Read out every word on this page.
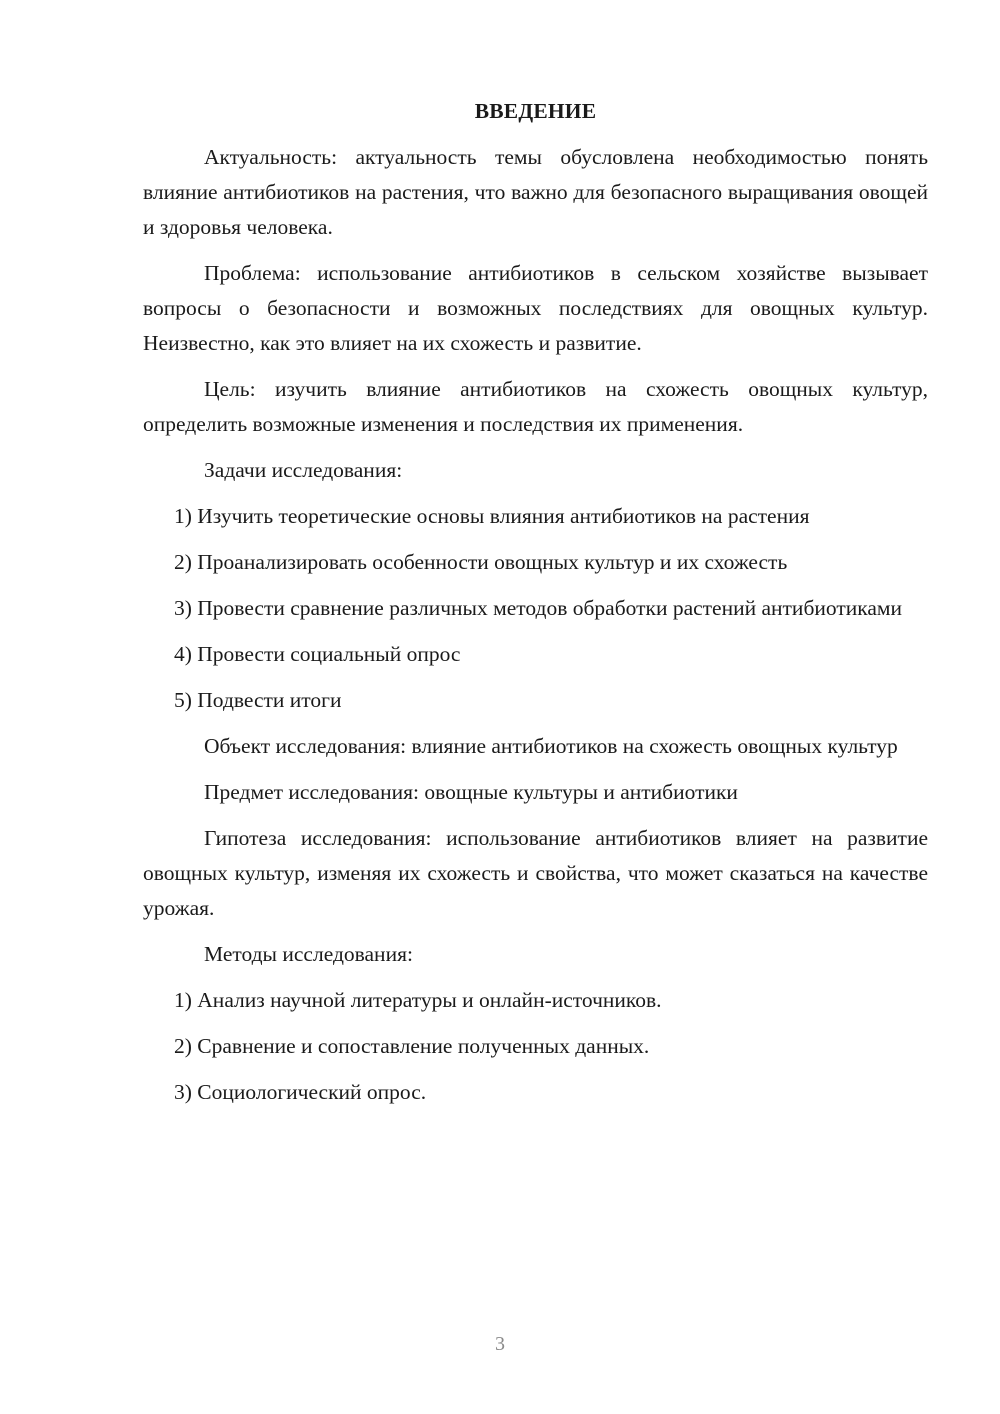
ВВЕДЕНИЕ

Актуальность: актуальность темы обусловлена необходимостью понять влияние антибиотиков на растения, что важно для безопасного выращивания овощей и здоровья человека.

Проблема: использование антибиотиков в сельском хозяйстве вызывает вопросы о безопасности и возможных последствиях для овощных культур. Неизвестно, как это влияет на их схожесть и развитие.

Цель: изучить влияние антибиотиков на схожесть овощных культур, определить возможные изменения и последствия их применения.

Задачи исследования:

1) Изучить теоретические основы влияния антибиотиков на растения

2) Проанализировать особенности овощных культур и их схожесть

3) Провести сравнение различных методов обработки растений антибиотиками

4) Провести социальный опрос

5) Подвести итоги

Объект исследования: влияние антибиотиков на схожесть овощных культур

Предмет исследования: овощные культуры и антибиотики

Гипотеза исследования: использование антибиотиков влияет на развитие овощных культур, изменяя их схожесть и свойства, что может сказаться на качестве урожая.

Методы исследования:

1) Анализ научной литературы и онлайн-источников.

2) Сравнение и сопоставление полученных данных.

3) Социологический опрос.

3
